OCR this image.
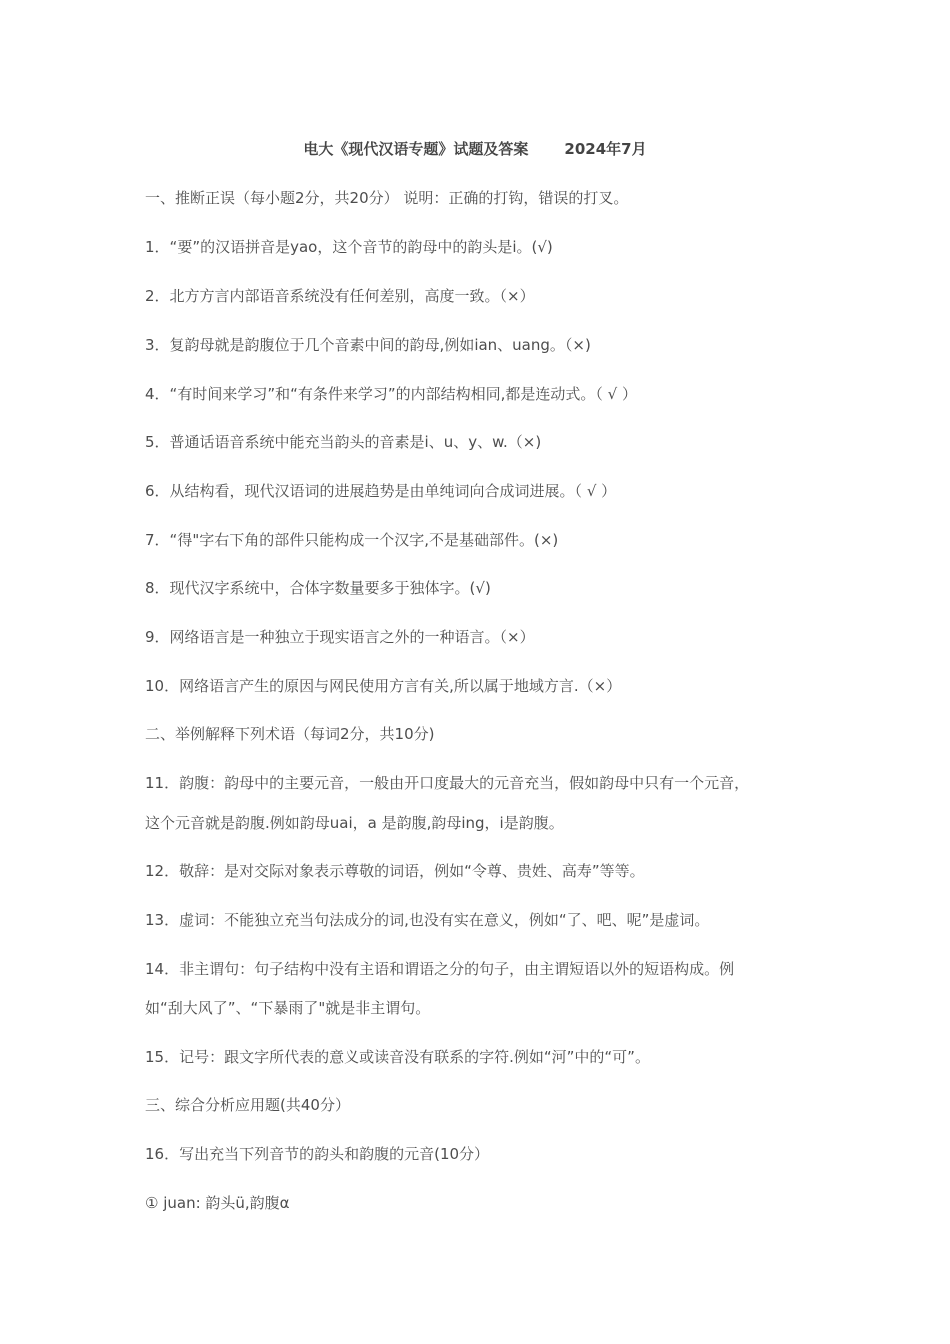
电大《现代汉语专题》试题及答案 2024年7月
一、推断正误（每小题2分，共20分） 说明：正确的打钩，错误的打叉。
1．“要”的汉语拼音是yao，这个音节的韵母中的韵头是i。(√)
2．北方方言内部语音系统没有任何差别，高度一致。（×）
3．复韵母就是韵腹位于几个音素中间的韵母,例如ian、uang。（×)
4．“有时间来学习”和“有条件来学习”的内部结构相同,都是连动式。（ √ ）
5．普通话语音系统中能充当韵头的音素是i、u、y、w.（×)
6．从结构看，现代汉语词的进展趋势是由单纯词向合成词进展。（ √ ）
7．“得"字右下角的部件只能构成一个汉字,不是基础部件。(×)
8．现代汉字系统中，合体字数量要多于独体字。(√)
9．网络语言是一种独立于现实语言之外的一种语言。（×）
10．网络语言产生的原因与网民使用方言有关,所以属于地域方言.（×）
二、举例解释下列术语（每词2分，共10分)
11．韵腹：韵母中的主要元音，一般由开口度最大的元音充当，假如韵母中只有一个元音，
这个元音就是韵腹.例如韵母uai，a 是韵腹,韵母ing，i是韵腹。
12．敬辞：是对交际对象表示尊敬的词语，例如“令尊、贵姓、高寿”等等。
13．虚词：不能独立充当句法成分的词,也没有实在意义，例如“了、吧、呢”是虚词。
14．非主谓句：句子结构中没有主语和谓语之分的句子，由主谓短语以外的短语构成。例
如“刮大风了”、“下暴雨了"就是非主谓句。
15．记号：跟文字所代表的意义或读音没有联系的字符.例如“河”中的“可”。
三、综合分析应用题(共40分）
16．写出充当下列音节的韵头和韵腹的元音(10分）
① juan: 韵头ü,韵腹α
